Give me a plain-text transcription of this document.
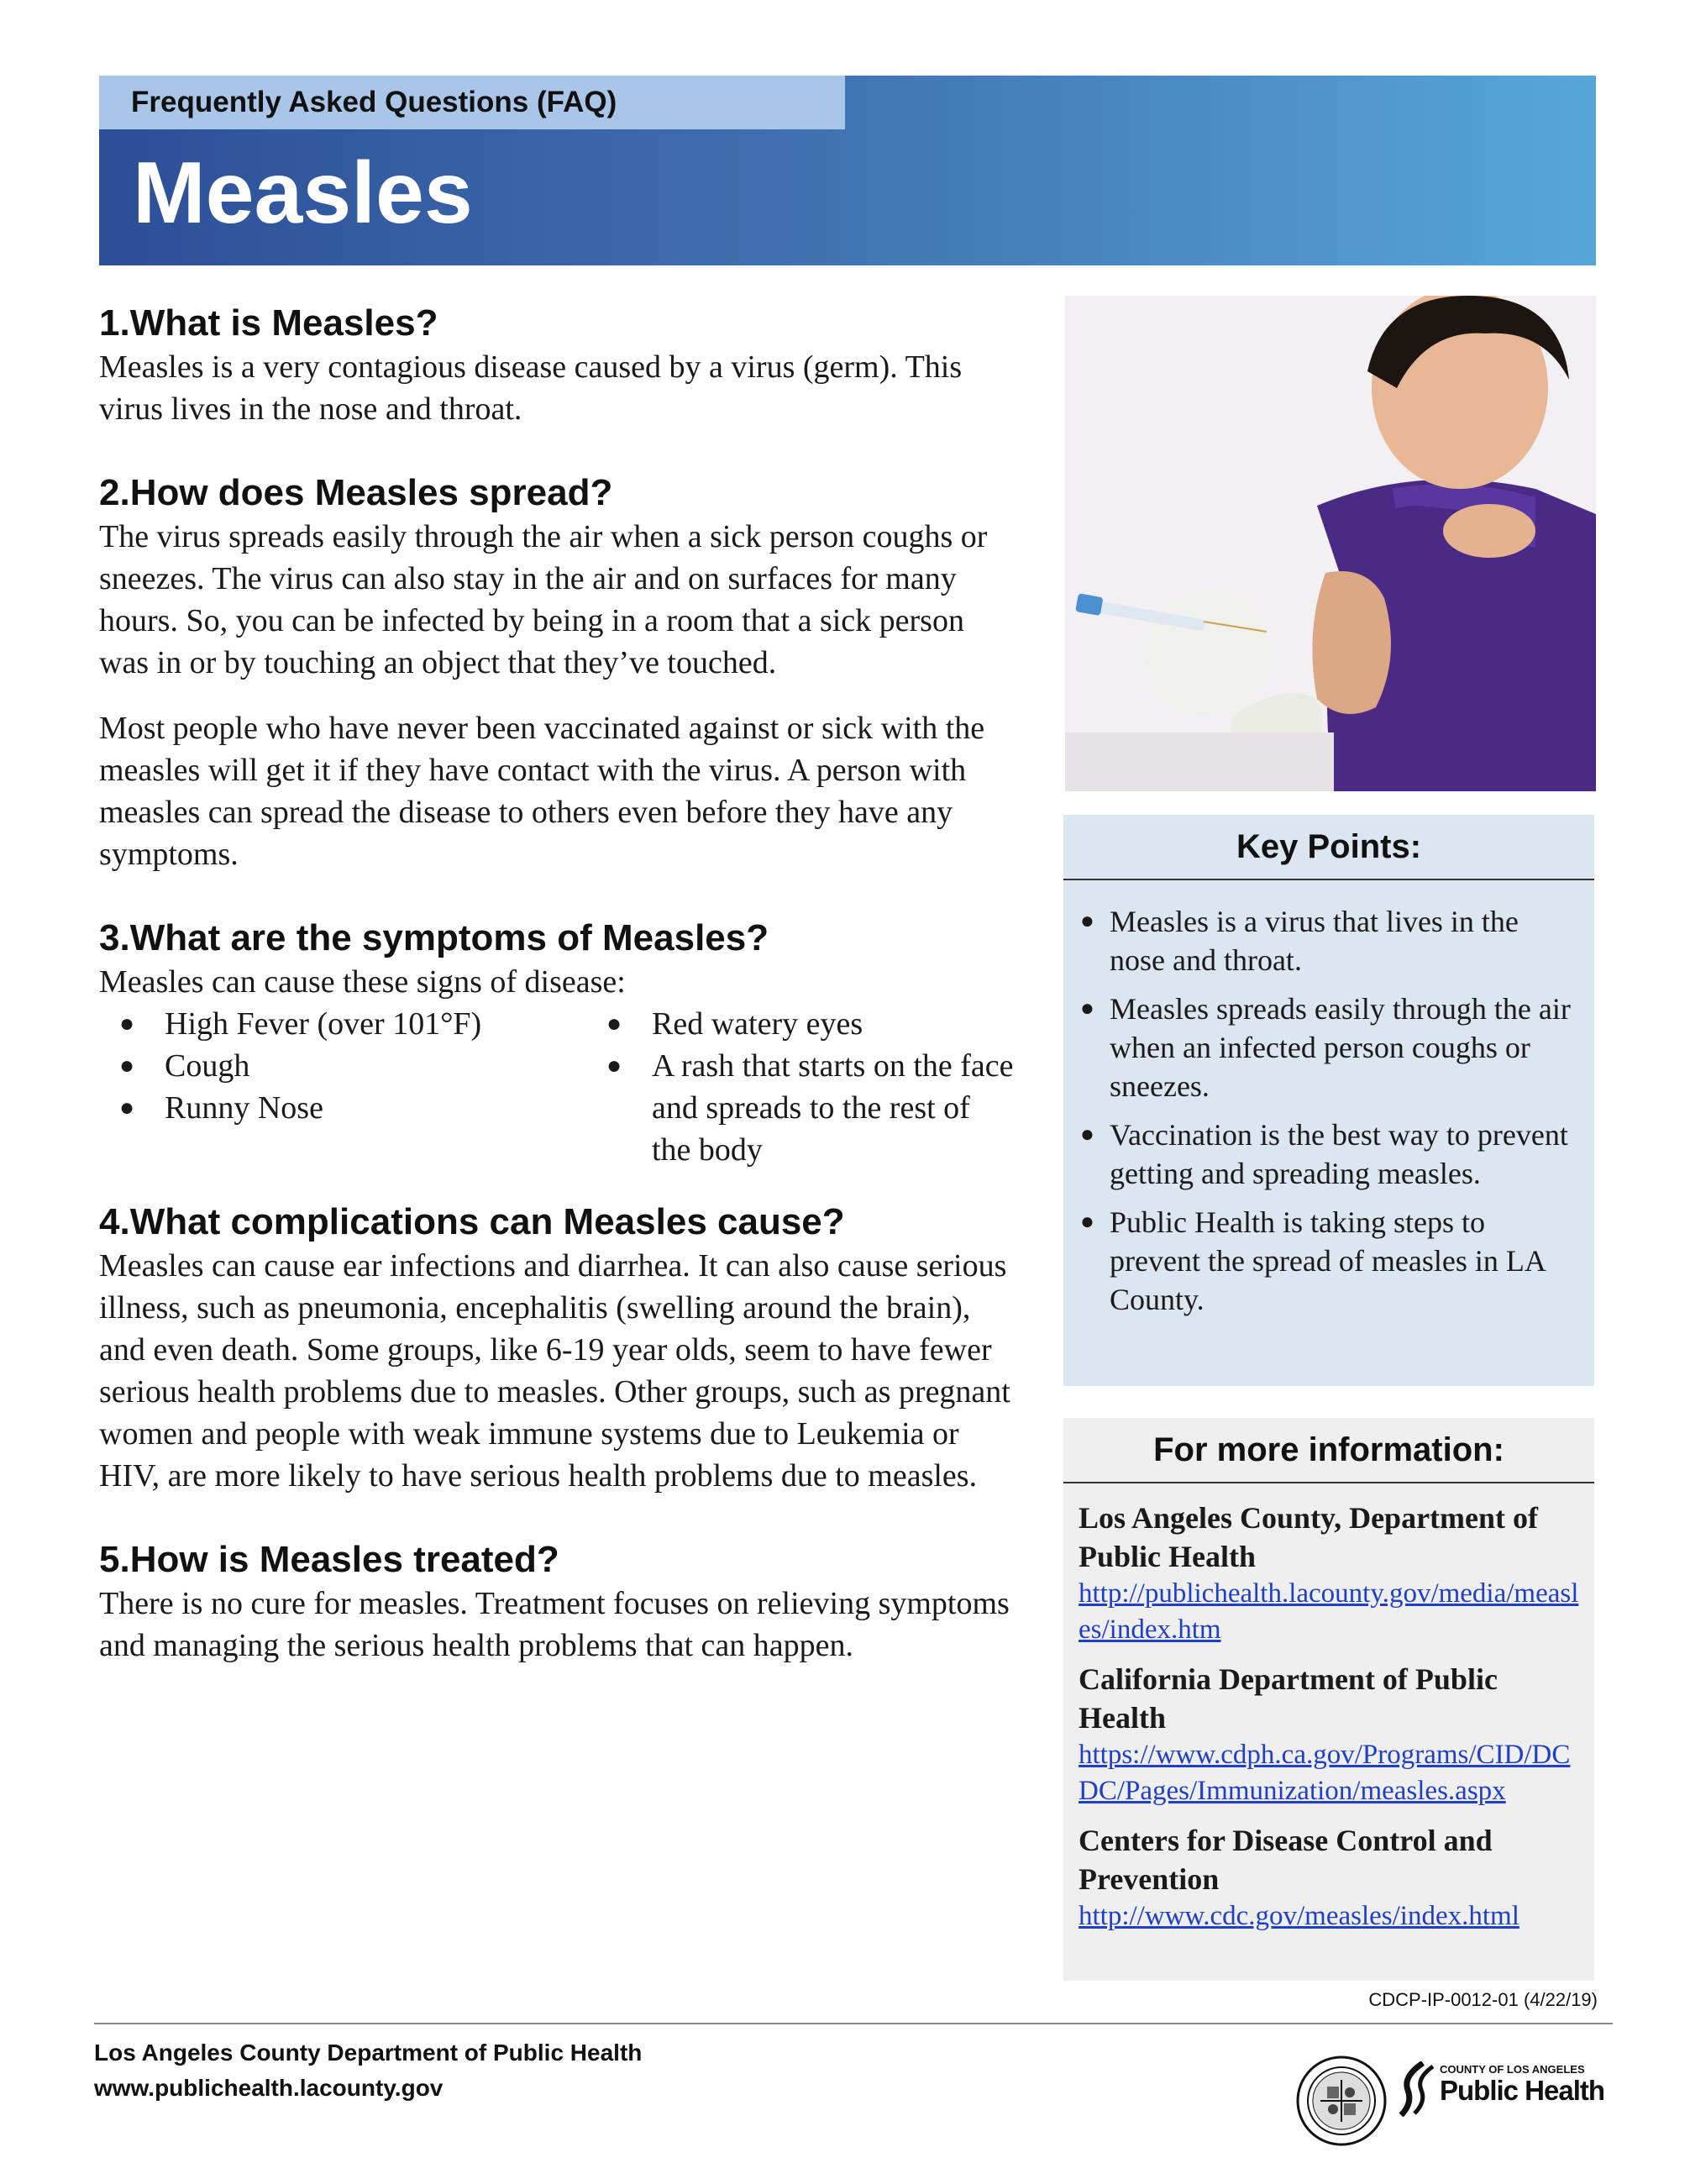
Frequently Asked Questions (FAQ)
Measles
1.What is Measles?

Measles is a very contagious disease caused by a virus (germ). This virus lives in the nose and throat.

2.How does Measles spread?

The virus spreads easily through the air when a sick person coughs or sneezes. The virus can also stay in the air and on surfaces for many hours. So, you can be infected by being in a room that a sick person was in or by touching an object that they’ve touched.

Most people who have never been vaccinated against or sick with the measles will get it if they have contact with the virus. A person with measles can spread the disease to others even before they have any symptoms.

3.What are the symptoms of Measles?

Measles can cause these signs of disease:

● High Fever (over 101°F)
● Cough
● Runny Nose
● Red watery eyes
● A rash that starts on the face and spreads to the rest of the body
4.What complications can Measles cause?

Measles can cause ear infections and diarrhea. It can also cause serious illness, such as pneumonia, encephalitis (swelling around the brain), and even death. Some groups, like 6-19 year olds, seem to have fewer serious health problems due to measles. Other groups, such as pregnant women and people with weak immune systems due to Leukemia or HIV, are more likely to have serious health problems due to measles.

5.How is Measles treated?

There is no cure for measles. Treatment focuses on relieving symptoms and managing the serious health problems that can happen.

Key Points:

● Measles is a virus that lives in the nose and throat.
● Measles spreads easily through the air when an infected person coughs or sneezes.
● Vaccination is the best way to prevent getting and spreading measles.
● Public Health is taking steps to prevent the spread of measles in LA County.

For more information:

Los Angeles County, Department of Public Health

http://publichealth.lacounty.gov/media/measles/index.htm

California Department of Public Health

https://www.cdph.ca.gov/Programs/CID/DCDC/Pages/Immunization/measles.aspx

Centers for Disease Control and Prevention

http://www.cdc.gov/measles/index.html

CDCP-IP-0012-01 (4/22/19)
Los Angeles County Department of Public Health
www.publichealth.lacounty.gov
COUNTY OF LOS ANGELES
Public Health
